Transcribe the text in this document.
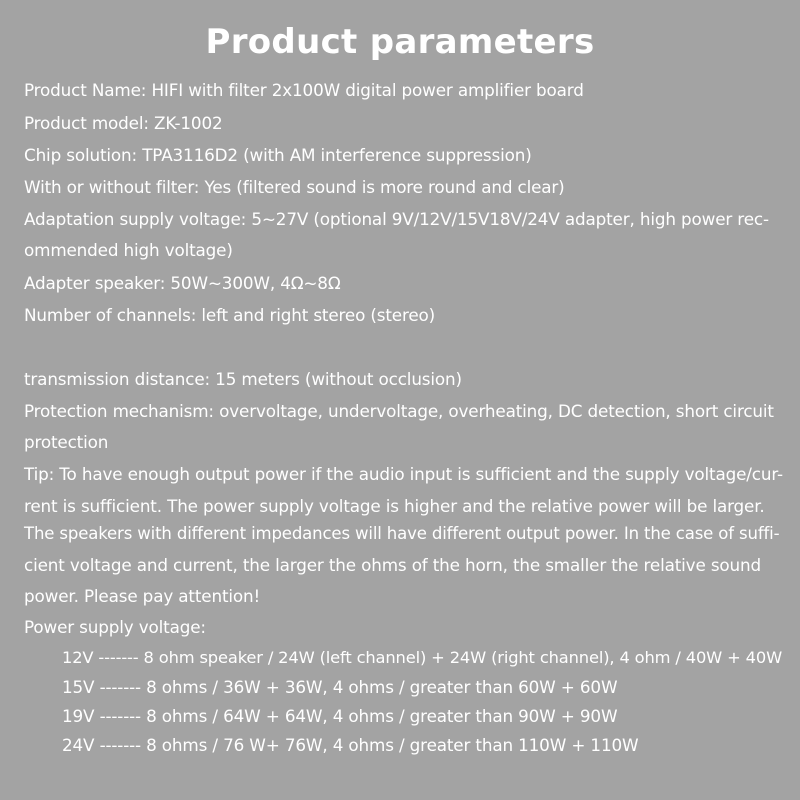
Product parameters
Product Name: HIFI with filter 2x100W digital power amplifier board
Product model: ZK-1002
Chip solution: TPA3116D2 (with AM interference suppression)
With or without filter: Yes (filtered sound is more round and clear)
Adaptation supply voltage: 5~27V (optional 9V/12V/15V18V/24V adapter, high power rec-
ommended high voltage)
Adapter speaker: 50W~300W, 4Ω~8Ω
Number of channels: left and right stereo (stereo)
transmission distance: 15 meters (without occlusion)
Protection mechanism: overvoltage, undervoltage, overheating, DC detection, short circuit
protection
Tip: To have enough output power if the audio input is sufficient and the supply voltage/cur-
rent is sufficient. The power supply voltage is higher and the relative power will be larger.
The speakers with different impedances will have different output power. In the case of suffi-
cient voltage and current, the larger the ohms of the horn, the smaller the relative sound
power. Please pay attention!
Power supply voltage:
12V ------- 8 ohm speaker / 24W (left channel) + 24W (right channel), 4 ohm / 40W + 40W
15V ------- 8 ohms / 36W + 36W, 4 ohms / greater than 60W + 60W
19V ------- 8 ohms / 64W + 64W, 4 ohms / greater than 90W + 90W
24V ------- 8 ohms / 76 W+ 76W, 4 ohms / greater than 110W + 110W
